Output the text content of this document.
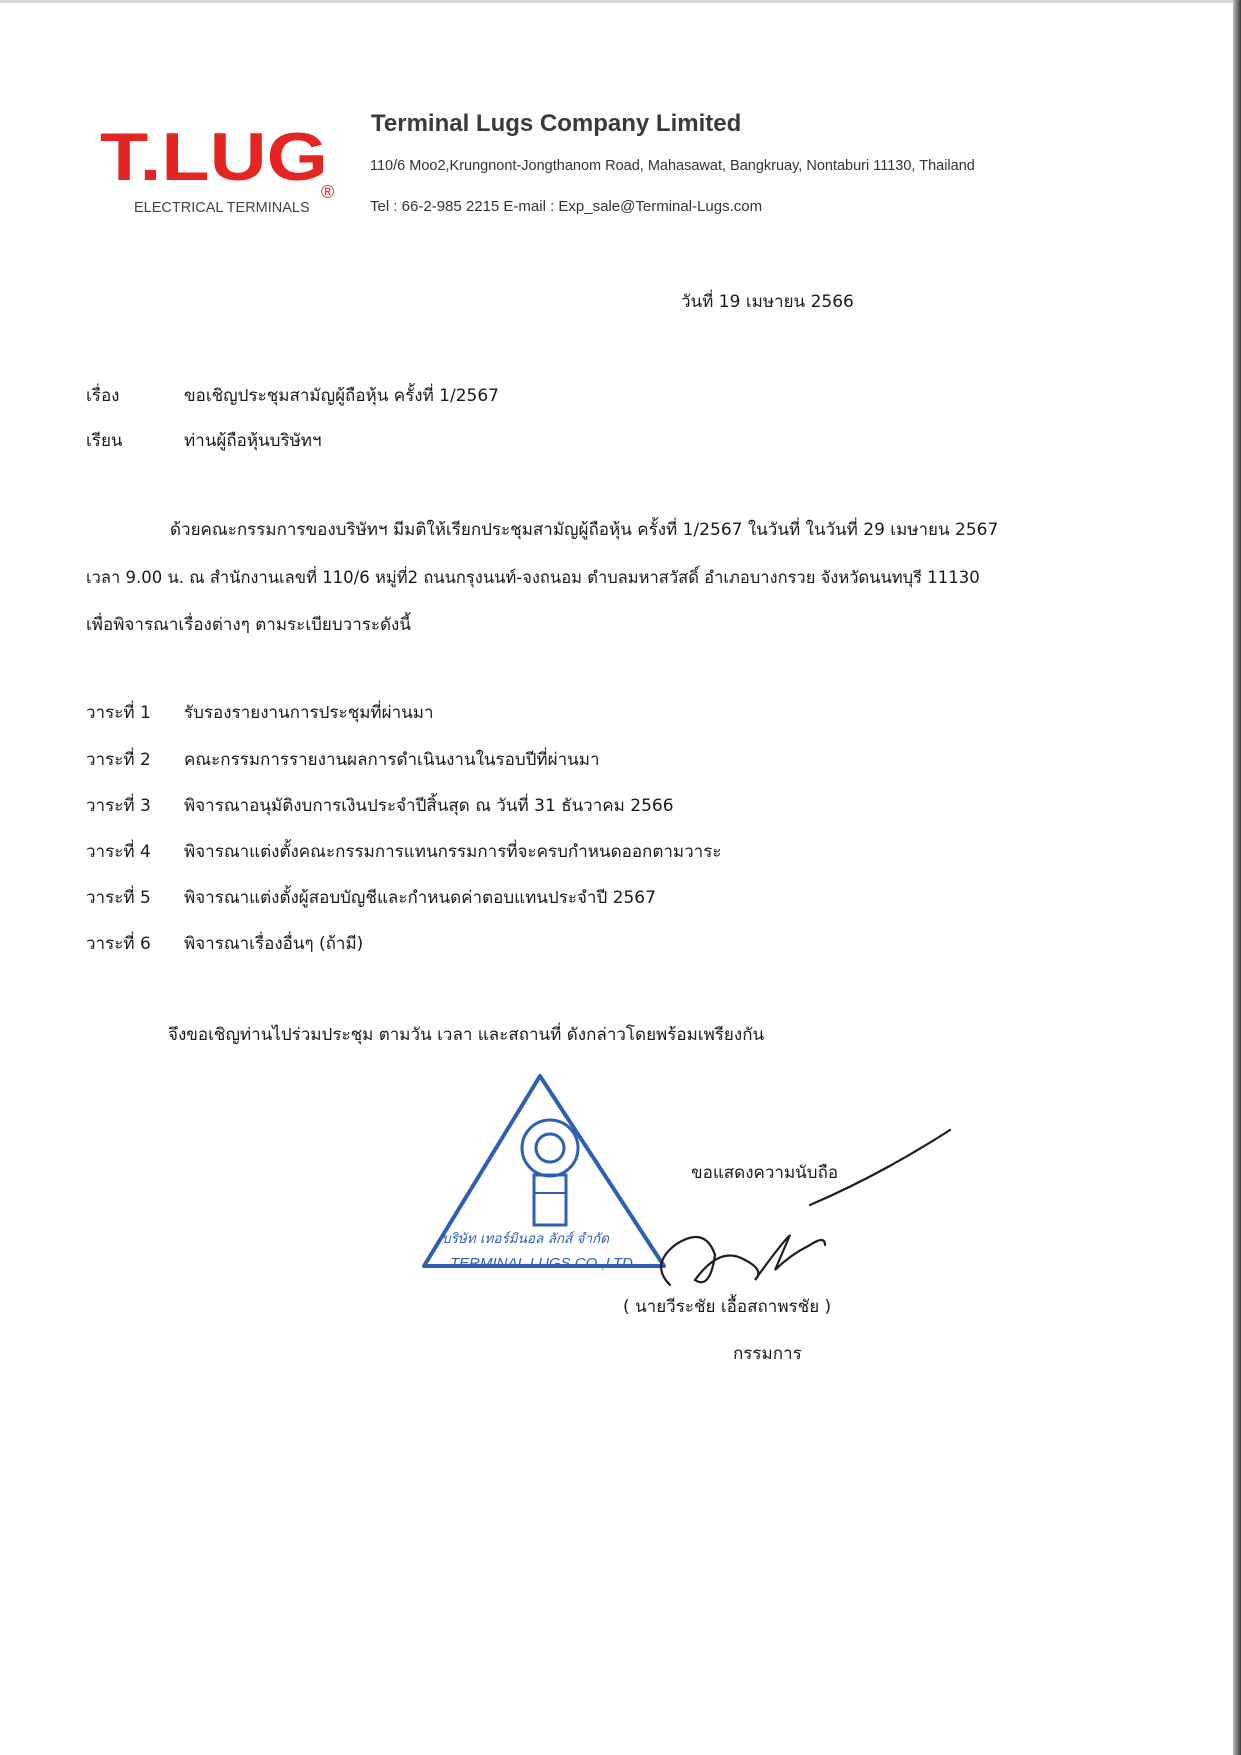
T.LUG
®
ELECTRICAL TERMINALS
Terminal Lugs Company Limited

110/6 Moo2,Krungnont-Jongthanom Road, Mahasawat, Bangkruay, Nontaburi 11130, Thailand

Tel : 66-2-985 2215 E-mail : Exp_sale@Terminal-Lugs.com

วันที่ 19 เมษายน 2566

เรื่อง	ขอเชิญประชุมสามัญผู้ถือหุ้น ครั้งที่ 1/2567

เรียน	ท่านผู้ถือหุ้นบริษัทฯ

ด้วยคณะกรรมการของบริษัทฯ มีมติให้เรียกประชุมสามัญผู้ถือหุ้น ครั้งที่ 1/2567 ในวันที่ ในวันที่ 29 เมษายน 2567

เวลา 9.00 น. ณ สำนักงานเลขที่ 110/6 หมู่ที่2 ถนนกรุงนนท์-จงถนอม ตำบลมหาสวัสดิ์ อำเภอบางกรวย จังหวัดนนทบุรี 11130

เพื่อพิจารณาเรื่องต่างๆ ตามระเบียบวาระดังนี้

วาระที่ 1 รับรองรายงานการประชุมที่ผ่านมา

วาระที่ 2 คณะกรรมการรายงานผลการดำเนินงานในรอบปีที่ผ่านมา

วาระที่ 3 พิจารณาอนุมัติงบการเงินประจำปีสิ้นสุด ณ วันที่ 31 ธันวาคม 2566

วาระที่ 4 พิจารณาแต่งตั้งคณะกรรมการแทนกรรมการที่จะครบกำหนดออกตามวาระ

วาระที่ 5 พิจารณาแต่งตั้งผู้สอบบัญชีและกำหนดค่าตอบแทนประจำปี 2567

วาระที่ 6 พิจารณาเรื่องอื่นๆ (ถ้ามี)

จึงขอเชิญท่านไปร่วมประชุม ตามวัน เวลา และสถานที่ ดังกล่าวโดยพร้อมเพรียงกัน

บริษัท เทอร์มินอล ลักส์ จำกัด
TERMINAL LUGS CO.,LTD.

ขอแสดงความนับถือ

( นายวีระชัย เอื้อสถาพรชัย )

กรรมการ
